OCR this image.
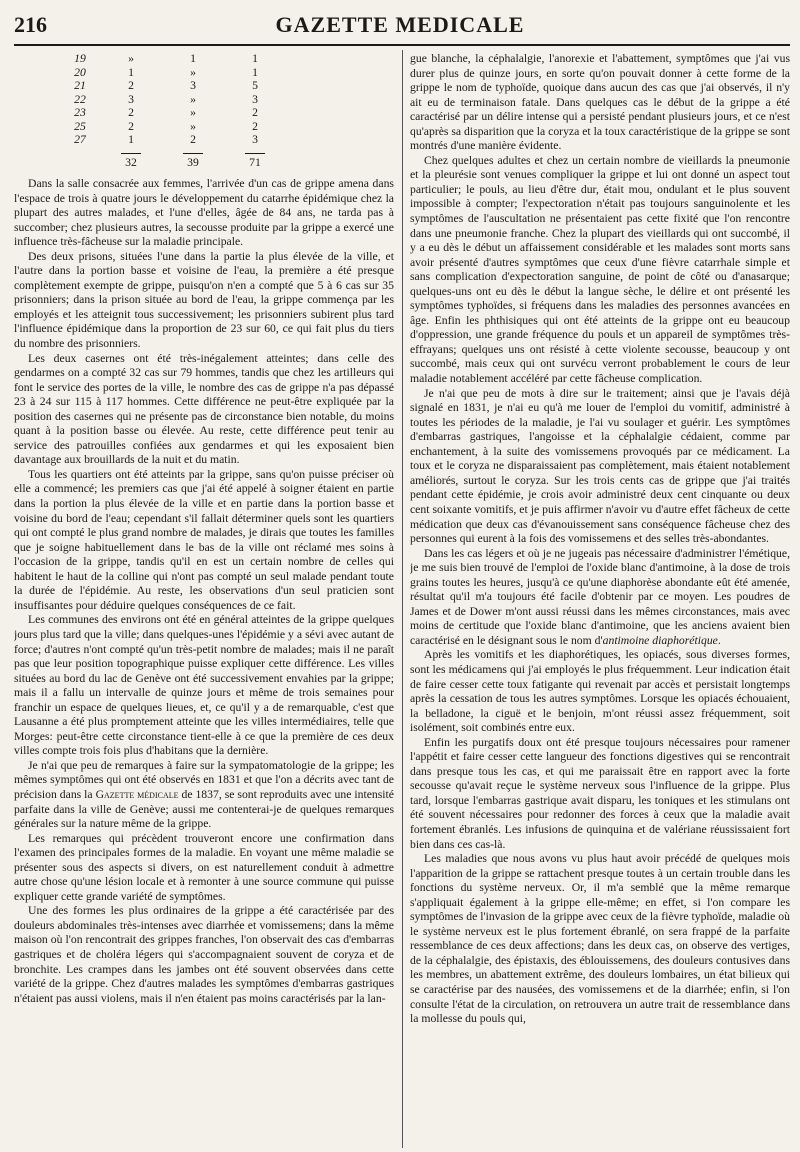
216	GAZETTE MEDICALE
19	»	1	1
20	1	»	1
21	2	3	5
22	3	»	3
23	2	»	2
25	2	»	2
27	1	2	3
	32	39	71

Dans la salle consacrée aux femmes, l'arrivée d'un cas de grippe amena dans l'espace de trois à quatre jours le développement du catarrhe épidémique chez la plupart des autres malades, et l'une d'elles, âgée de 84 ans, ne tarda pas à succomber; chez plusieurs autres, la secousse produite par la grippe a exercé une influence très-fâcheuse sur la maladie principale.

Des deux prisons, situées l'une dans la partie la plus élevée de la ville, et l'autre dans la portion basse et voisine de l'eau, la première a été presque complètement exempte de grippe, puisqu'on n'en a compté que 5 à 6 cas sur 35 prisonniers; dans la prison située au bord de l'eau, la grippe commença par les employés et les atteignit tous successivement; les prisonniers subirent plus tard l'influence épidémique dans la proportion de 23 sur 60, ce qui fait plus du tiers du nombre des prisonniers.

Les deux casernes ont été très-inégalement atteintes; dans celle des gendarmes on a compté 32 cas sur 79 hommes, tandis que chez les artilleurs qui font le service des portes de la ville, le nombre des cas de grippe n'a pas dépassé 23 à 24 sur 115 à 117 hommes. Cette différence ne peut-être expliquée par la position des casernes qui ne présente pas de circonstance bien notable, du moins quant à la position basse ou élevée. Au reste, cette différence peut tenir au service des patrouilles confiées aux gendarmes et qui les exposaient bien davantage aux brouillards de la nuit et du matin.

Tous les quartiers ont été atteints par la grippe, sans qu'on puisse préciser où elle a commencé; les premiers cas que j'ai été appelé à soigner étaient en partie dans la portion la plus élevée de la ville et en partie dans la portion basse et voisine du bord de l'eau; cependant s'il fallait déterminer quels sont les quartiers qui ont compté le plus grand nombre de malades, je dirais que toutes les familles que je soigne habituellement dans le bas de la ville ont réclamé mes soins à l'occasion de la grippe, tandis qu'il en est un certain nombre de celles qui habitent le haut de la colline qui n'ont pas compté un seul malade pendant toute la durée de l'épidémie. Au reste, les observations d'un seul praticien sont insuffisantes pour déduire quelques conséquences de ce fait.

Les communes des environs ont été en général atteintes de la grippe quelques jours plus tard que la ville; dans quelques-unes l'épidémie y a sévi avec autant de force; d'autres n'ont compté qu'un très-petit nombre de malades; mais il ne paraît pas que leur position topographique puisse expliquer cette différence. Les villes situées au bord du lac de Genève ont été successivement envahies par la grippe; mais il a fallu un intervalle de quinze jours et même de trois semaines pour franchir un espace de quelques lieues, et, ce qu'il y a de remarquable, c'est que Lausanne a été plus promptement atteinte que les villes intermédiaires, telle que Morges: peut-être cette circonstance tient-elle à ce que la première de ces deux villes compte trois fois plus d'habitans que la dernière.

Je n'ai que peu de remarques à faire sur la sympatomatologie de la grippe; les mêmes symptômes qui ont été observés en 1831 et que l'on a décrits avec tant de précision dans la Gazette médicale de 1837, se sont reproduits avec une intensité parfaite dans la ville de Genève; aussi me contenterai-je de quelques remarques générales sur la nature même de la grippe.

Les remarques qui précèdent trouveront encore une confirmation dans l'examen des principales formes de la maladie. En voyant une même maladie se présenter sous des aspects si divers, on est naturellement conduit à admettre autre chose qu'une lésion locale et à remonter à une source commune qui puisse expliquer cette grande variété de symptômes.

Une des formes les plus ordinaires de la grippe a été caractérisée par des douleurs abdominales très-intenses avec diarrhée et vomissemens; dans la même maison où l'on rencontrait des grippes franches, l'on observait des cas d'embarras gastriques et de choléra légers qui s'accompagnaient souvent de coryza et de bronchite. Les crampes dans les jambes ont été souvent observées dans cette variété de la grippe. Chez d'autres malades les symptômes d'embarras gastriques n'étaient pas aussi violens, mais il n'en étaient pas moins caractérisés par la lan-

gue blanche, la céphalalgie, l'anorexie et l'abattement, symptômes que j'ai vus durer plus de quinze jours, en sorte qu'on pouvait donner à cette forme de la grippe le nom de typhoïde, quoique dans aucun des cas que j'ai observés, il n'y ait eu de terminaison fatale. Dans quelques cas le début de la grippe a été caractérisé par un délire intense qui a persisté pendant plusieurs jours, et ce n'est qu'après sa disparition que la coryza et la toux caractéristique de la grippe se sont montrés d'une manière évidente.

Chez quelques adultes et chez un certain nombre de vieillards la pneumonie et la pleurésie sont venues compliquer la grippe et lui ont donné un aspect tout particulier; le pouls, au lieu d'être dur, était mou, ondulant et le plus souvent impossible à compter; l'expectoration n'était pas toujours sanguinolente et les symptômes de l'auscultation ne présentaient pas cette fixité que l'on rencontre dans une pneumonie franche. Chez la plupart des vieillards qui ont succombé, il y a eu dès le début un affaissement considérable et les malades sont morts sans avoir présenté d'autres symptômes que ceux d'une fièvre catarrhale simple et sans complication d'expectoration sanguine, de point de côté ou d'anasarque; quelques-uns ont eu dès le début la langue sèche, le délire et ont présenté les symptômes typhoïdes, si fréquens dans les maladies des personnes avancées en âge. Enfin les phthisiques qui ont été atteints de la grippe ont eu beaucoup d'oppression, une grande fréquence du pouls et un appareil de symptômes très-effrayans; quelques uns ont résisté à cette violente secousse, beaucoup y ont succombé, mais ceux qui ont survécu verront probablement le cours de leur maladie notablement accéléré par cette fâcheuse complication.

Je n'ai que peu de mots à dire sur le traitement; ainsi que je l'avais déjà signalé en 1831, je n'ai eu qu'à me louer de l'emploi du vomitif, administré à toutes les périodes de la maladie, je l'ai vu soulager et guérir. Les symptômes d'embarras gastriques, l'angoisse et la céphalalgie cédaient, comme par enchantement, à la suite des vomissemens provoqués par ce médicament. La toux et le coryza ne disparaissaient pas complètement, mais étaient notablement améliorés, surtout le coryza. Sur les trois cents cas de grippe que j'ai traités pendant cette épidémie, je crois avoir administré deux cent cinquante ou deux cent soixante vomitifs, et je puis affirmer n'avoir vu d'autre effet fâcheux de cette médication que deux cas d'évanouissement sans conséquence fâcheuse chez des personnes qui eurent à la fois des vomissemens et des selles très-abondantes.

Dans les cas légers et où je ne jugeais pas nécessaire d'administrer l'émétique, je me suis bien trouvé de l'emploi de l'oxide blanc d'antimoine, à la dose de trois grains toutes les heures, jusqu'à ce qu'une diaphorèse abondante eût été amenée, résultat qu'il m'a toujours été facile d'obtenir par ce moyen. Les poudres de James et de Dower m'ont aussi réussi dans les mêmes circonstances, mais avec moins de certitude que l'oxide blanc d'antimoine, que les anciens avaient bien caractérisé en le désignant sous le nom d'antimoine diaphorétique.

Après les vomitifs et les diaphorétiques, les opiacés, sous diverses formes, sont les médicamens qui j'ai employés le plus fréquemment. Leur indication était de faire cesser cette toux fatigante qui revenait par accès et persistait longtemps après la cessation de tous les autres symptômes. Lorsque les opiacés échouaient, la belladone, la ciguë et le benjoin, m'ont réussi assez fréquemment, soit isolément, soit combinés entre eux.

Enfin les purgatifs doux ont été presque toujours nécessaires pour ramener l'appétit et faire cesser cette langueur des fonctions digestives qui se rencontrait dans presque tous les cas, et qui me paraissait être en rapport avec la forte secousse qu'avait reçue le système nerveux sous l'influence de la grippe. Plus tard, lorsque l'embarras gastrique avait disparu, les toniques et les stimulans ont été souvent nécessaires pour redonner des forces à ceux que la maladie avait fortement ébranlés. Les infusions de quinquina et de valériane réussissaient fort bien dans ces cas-là.

Les maladies que nous avons vu plus haut avoir précédé de quelques mois l'apparition de la grippe se rattachent presque toutes à un certain trouble dans les fonctions du système nerveux. Or, il m'a semblé que la même remarque s'appliquait également à la grippe elle-même; en effet, si l'on compare les symptômes de l'invasion de la grippe avec ceux de la fièvre typhoïde, maladie où le système nerveux est le plus fortement ébranlé, on sera frappé de la parfaite ressemblance de ces deux affections; dans les deux cas, on observe des vertiges, de la céphalalgie, des épistaxis, des éblouissemens, des douleurs contusives dans les membres, un abattement extrême, des douleurs lombaires, un état bilieux qui se caractérise par des nausées, des vomissemens et de la diarrhée; enfin, si l'on consulte l'état de la circulation, on retrouvera un autre trait de ressemblance dans la mollesse du pouls qui,
